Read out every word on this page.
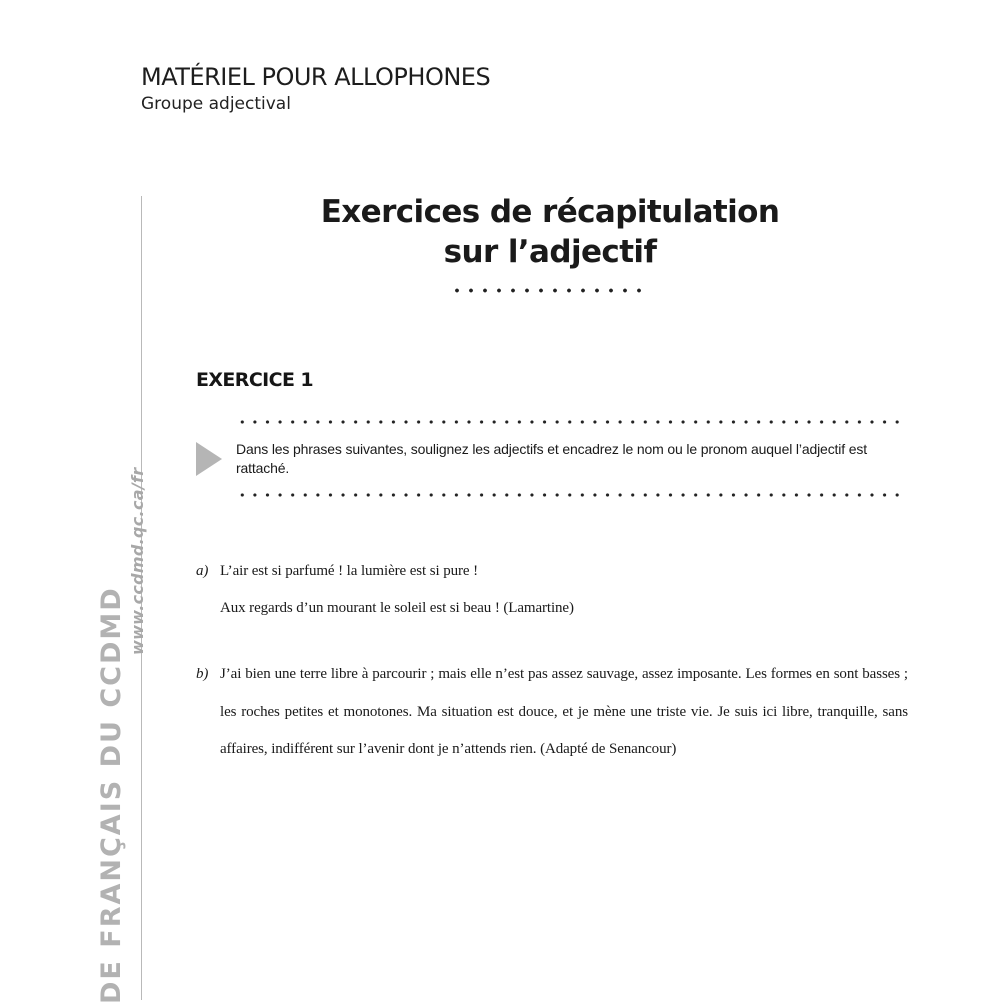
MATÉRIEL POUR ALLOPHONES
Groupe adjectival
www.ccdmd.qc.ca/fr
DE FRANÇAIS DU CCDMD
Exercices de récapitulation
sur l’adjectif
EXERCICE 1
Dans les phrases suivantes, soulignez les adjectifs et encadrez le nom ou le pronom auquel l’adjectif est rattaché.
a) L’air est si parfumé ! la lumière est si pure !
Aux regards d’un mourant le soleil est si beau ! (Lamartine)
b) J’ai bien une terre libre à parcourir ; mais elle n’est pas assez sauvage, assez imposante. Les formes en sont basses ; les roches petites et monotones. Ma situation est douce, et je mène une triste vie. Je suis ici libre, tranquille, sans affaires, indifférent sur l’avenir dont je n’attends rien. (Adapté de Senancour)
